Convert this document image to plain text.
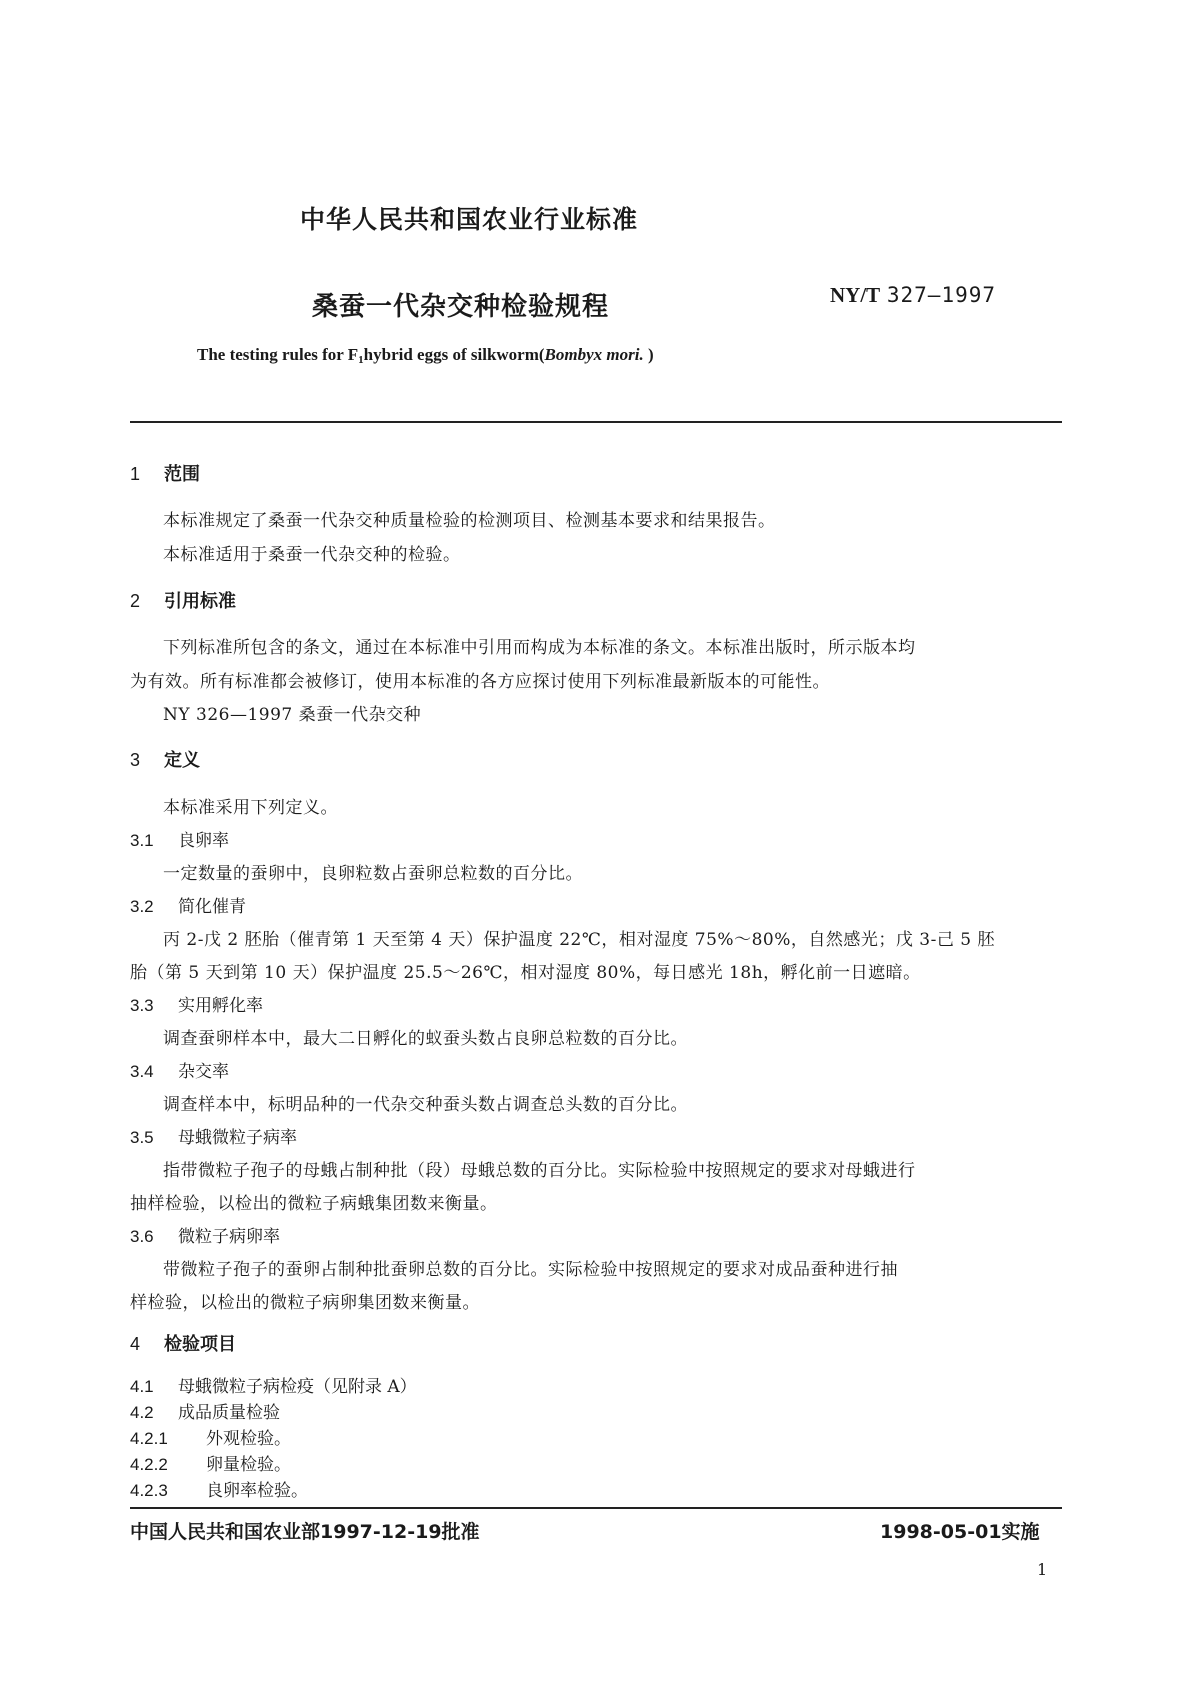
中华人民共和国农业行业标准
桑蚕一代杂交种检验规程	NY/T 327—1997
The testing rules for $F_1hybrid$ eggs of silkworm(Bombyx mori. )
1 范围
本标准规定了桑蚕一代杂交种质量检验的检测项目、检测基本要求和结果报告。
本标准适用于桑蚕一代杂交种的检验。
2 引用标准
下列标准所包含的条文，通过在本标准中引用而构成为本标准的条文。本标准出版时，所示版本均
为有效。所有标准都会被修订，使用本标准的各方应探讨使用下列标准最新版本的可能性。
NY 326—1997 桑蚕一代杂交种
3 定义
本标准采用下列定义。
3.1 良卵率
一定数量的蚕卵中，良卵粒数占蚕卵总粒数的百分比。
3.2 简化催青
丙 2-戊 2 胚胎（催青第 1 天至第 4 天）保护温度 22℃，相对湿度 75%～80%，自然感光；戊 3-己 5 胚
胎（第 5 天到第 10 天）保护温度 25.5～26℃，相对湿度 80%，每日感光 18h，孵化前一日遮暗。
3.3 实用孵化率
调查蚕卵样本中，最大二日孵化的蚁蚕头数占良卵总粒数的百分比。
3.4 杂交率
调查样本中，标明品种的一代杂交种蚕头数占调查总头数的百分比。
3.5 母蛾微粒子病率
指带微粒子孢子的母蛾占制种批（段）母蛾总数的百分比。实际检验中按照规定的要求对母蛾进行
抽样检验，以检出的微粒子病蛾集团数来衡量。
3.6 微粒子病卵率
带微粒子孢子的蚕卵占制种批蚕卵总数的百分比。实际检验中按照规定的要求对成品蚕种进行抽
样检验，以检出的微粒子病卵集团数来衡量。
4 检验项目
4.1 母蛾微粒子病检疫（见附录 A）
4.2 成品质量检验
4.2.1 外观检验。
4.2.2 卵量检验。
4.2.3 良卵率检验。
中国人民共和国农业部1997-12-19批准	1998-05-01实施
1
